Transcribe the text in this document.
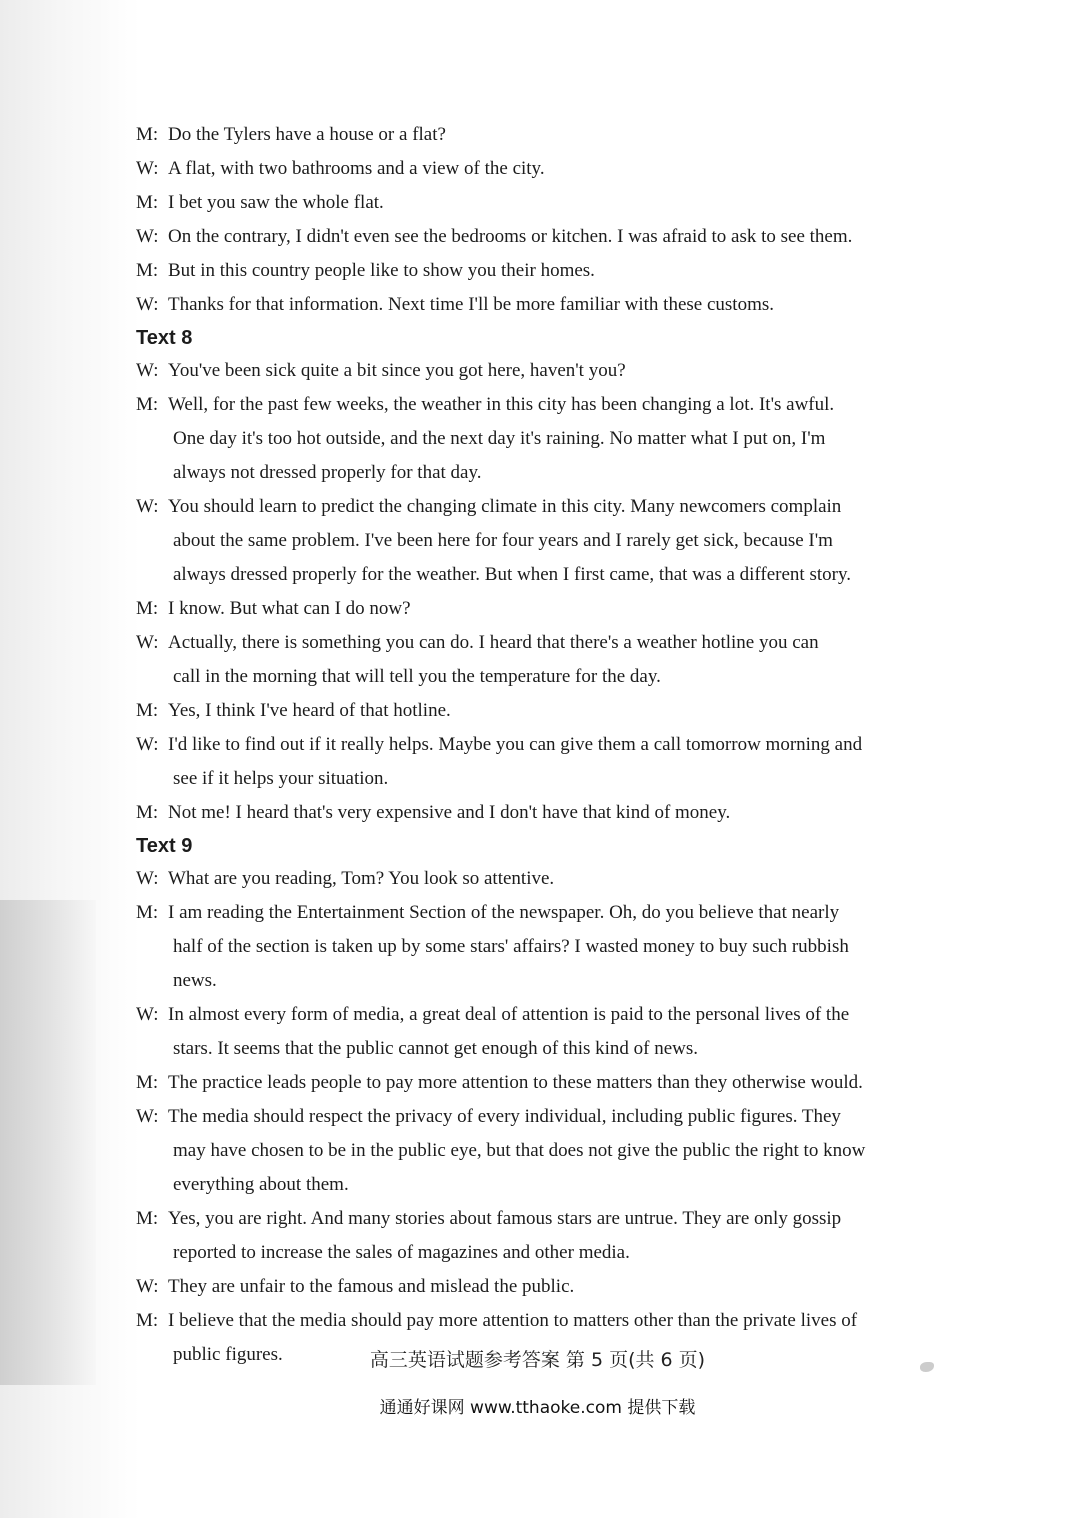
M: Do the Tylers have a house or a flat?

W: A flat, with two bathrooms and a view of the city.

M: I bet you saw the whole flat.

W: On the contrary, I didn't even see the bedrooms or kitchen. I was afraid to ask to see them.

M: But in this country people like to show you their homes.

W: Thanks for that information. Next time I'll be more familiar with these customs.

Text 8

W: You've been sick quite a bit since you got here, haven't you?

M: Well, for the past few weeks, the weather in this city has been changing a lot. It's awful.

One day it's too hot outside, and the next day it's raining. No matter what I put on, I'm

always not dressed properly for that day.

W: You should learn to predict the changing climate in this city. Many newcomers complain

about the same problem. I've been here for four years and I rarely get sick, because I'm

always dressed properly for the weather. But when I first came, that was a different story.

M: I know. But what can I do now?

W: Actually, there is something you can do. I heard that there's a weather hotline you can

call in the morning that will tell you the temperature for the day.

M: Yes, I think I've heard of that hotline.

W: I'd like to find out if it really helps. Maybe you can give them a call tomorrow morning and

see if it helps your situation.

M: Not me! I heard that's very expensive and I don't have that kind of money.

Text 9

W: What are you reading, Tom? You look so attentive.

M: I am reading the Entertainment Section of the newspaper. Oh, do you believe that nearly

half of the section is taken up by some stars' affairs? I wasted money to buy such rubbish

news.

W: In almost every form of media, a great deal of attention is paid to the personal lives of the

stars. It seems that the public cannot get enough of this kind of news.

M: The practice leads people to pay more attention to these matters than they otherwise would.

W: The media should respect the privacy of every individual, including public figures. They

may have chosen to be in the public eye, but that does not give the public the right to know

everything about them.

M: Yes, you are right. And many stories about famous stars are untrue. They are only gossip

reported to increase the sales of magazines and other media.

W: They are unfair to the famous and mislead the public.

M: I believe that the media should pay more attention to matters other than the private lives of

public figures.	高三英语试题参考答案 第 5 页(共 6 页)
通通好课网 www.tthaoke.com 提供下载
